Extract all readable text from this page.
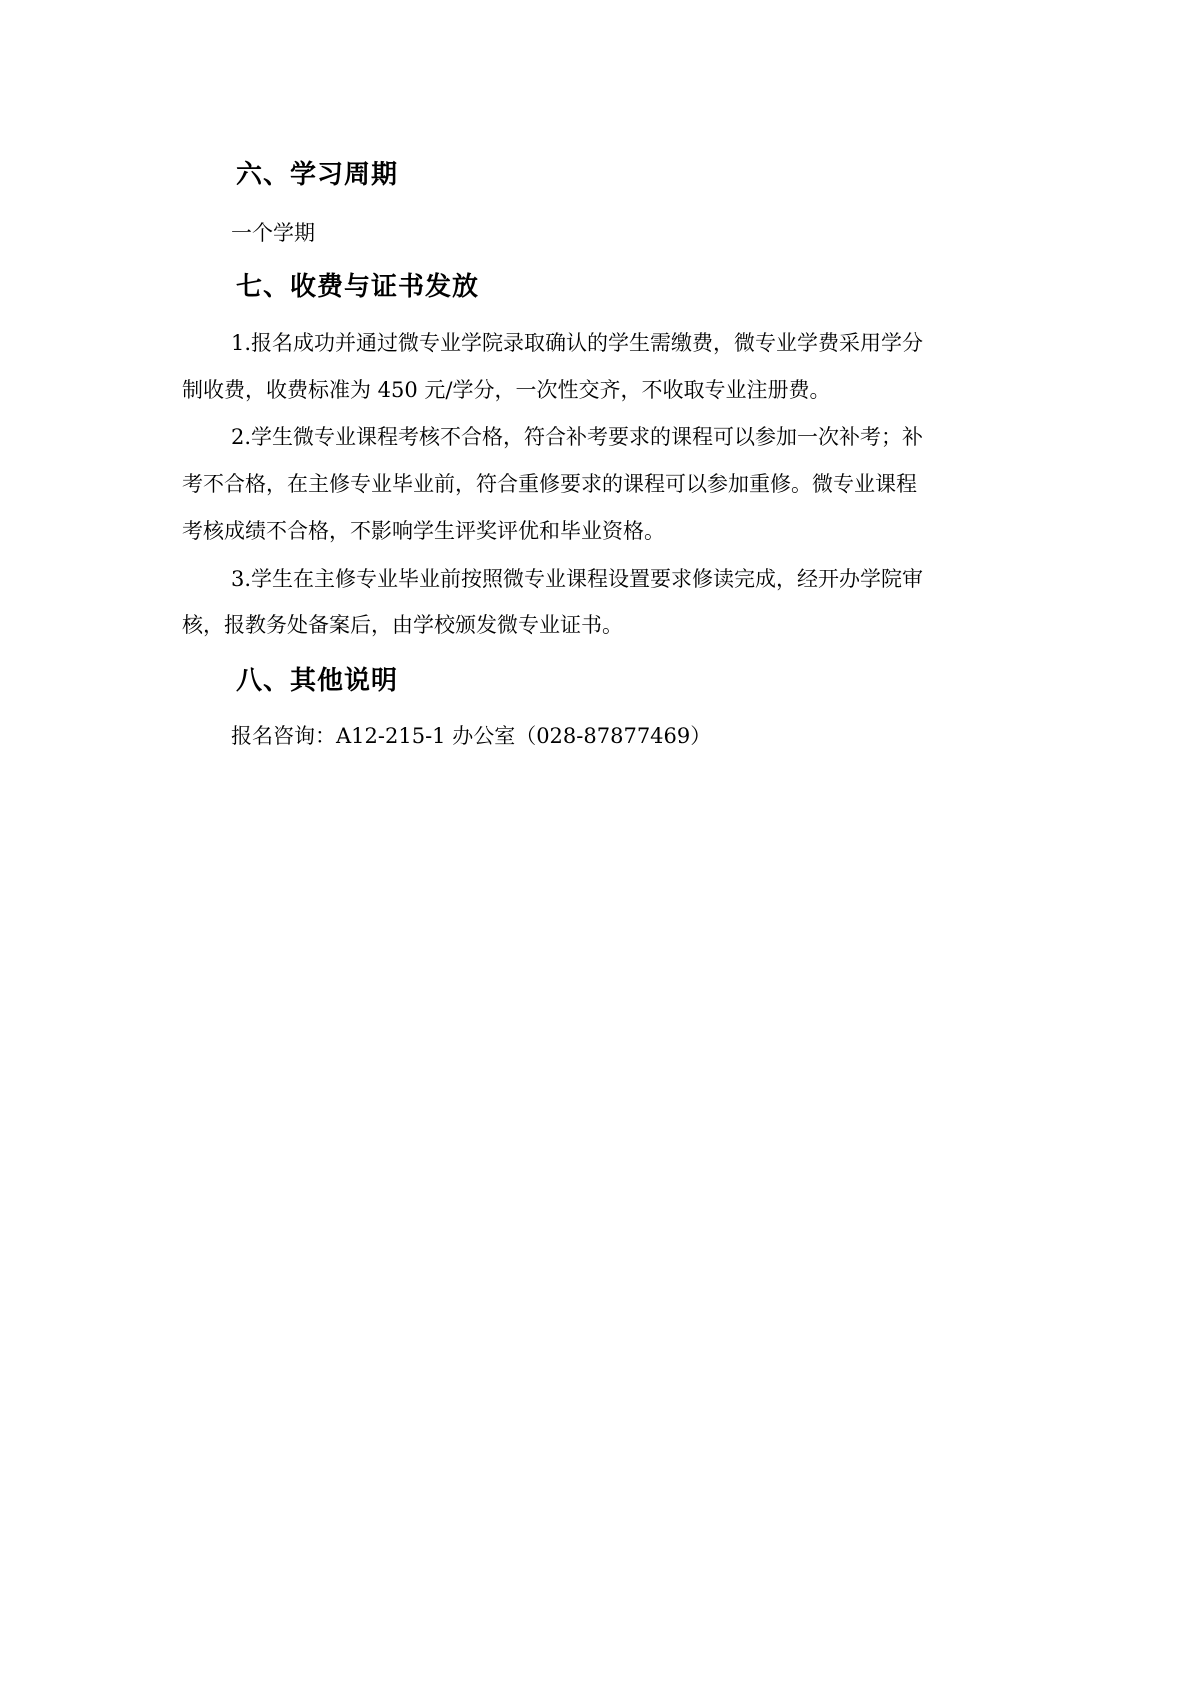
六、学习周期
一个学期
七、收费与证书发放
1.报名成功并通过微专业学院录取确认的学生需缴费，微专业学费采用学分
制收费，收费标准为 450 元/学分，一次性交齐，不收取专业注册费。
2.学生微专业课程考核不合格，符合补考要求的课程可以参加一次补考；补
考不合格，在主修专业毕业前，符合重修要求的课程可以参加重修。微专业课程
考核成绩不合格，不影响学生评奖评优和毕业资格。
3.学生在主修专业毕业前按照微专业课程设置要求修读完成，经开办学院审
核，报教务处备案后，由学校颁发微专业证书。
八、其他说明
报名咨询：A12-215-1 办公室（028-87877469）
